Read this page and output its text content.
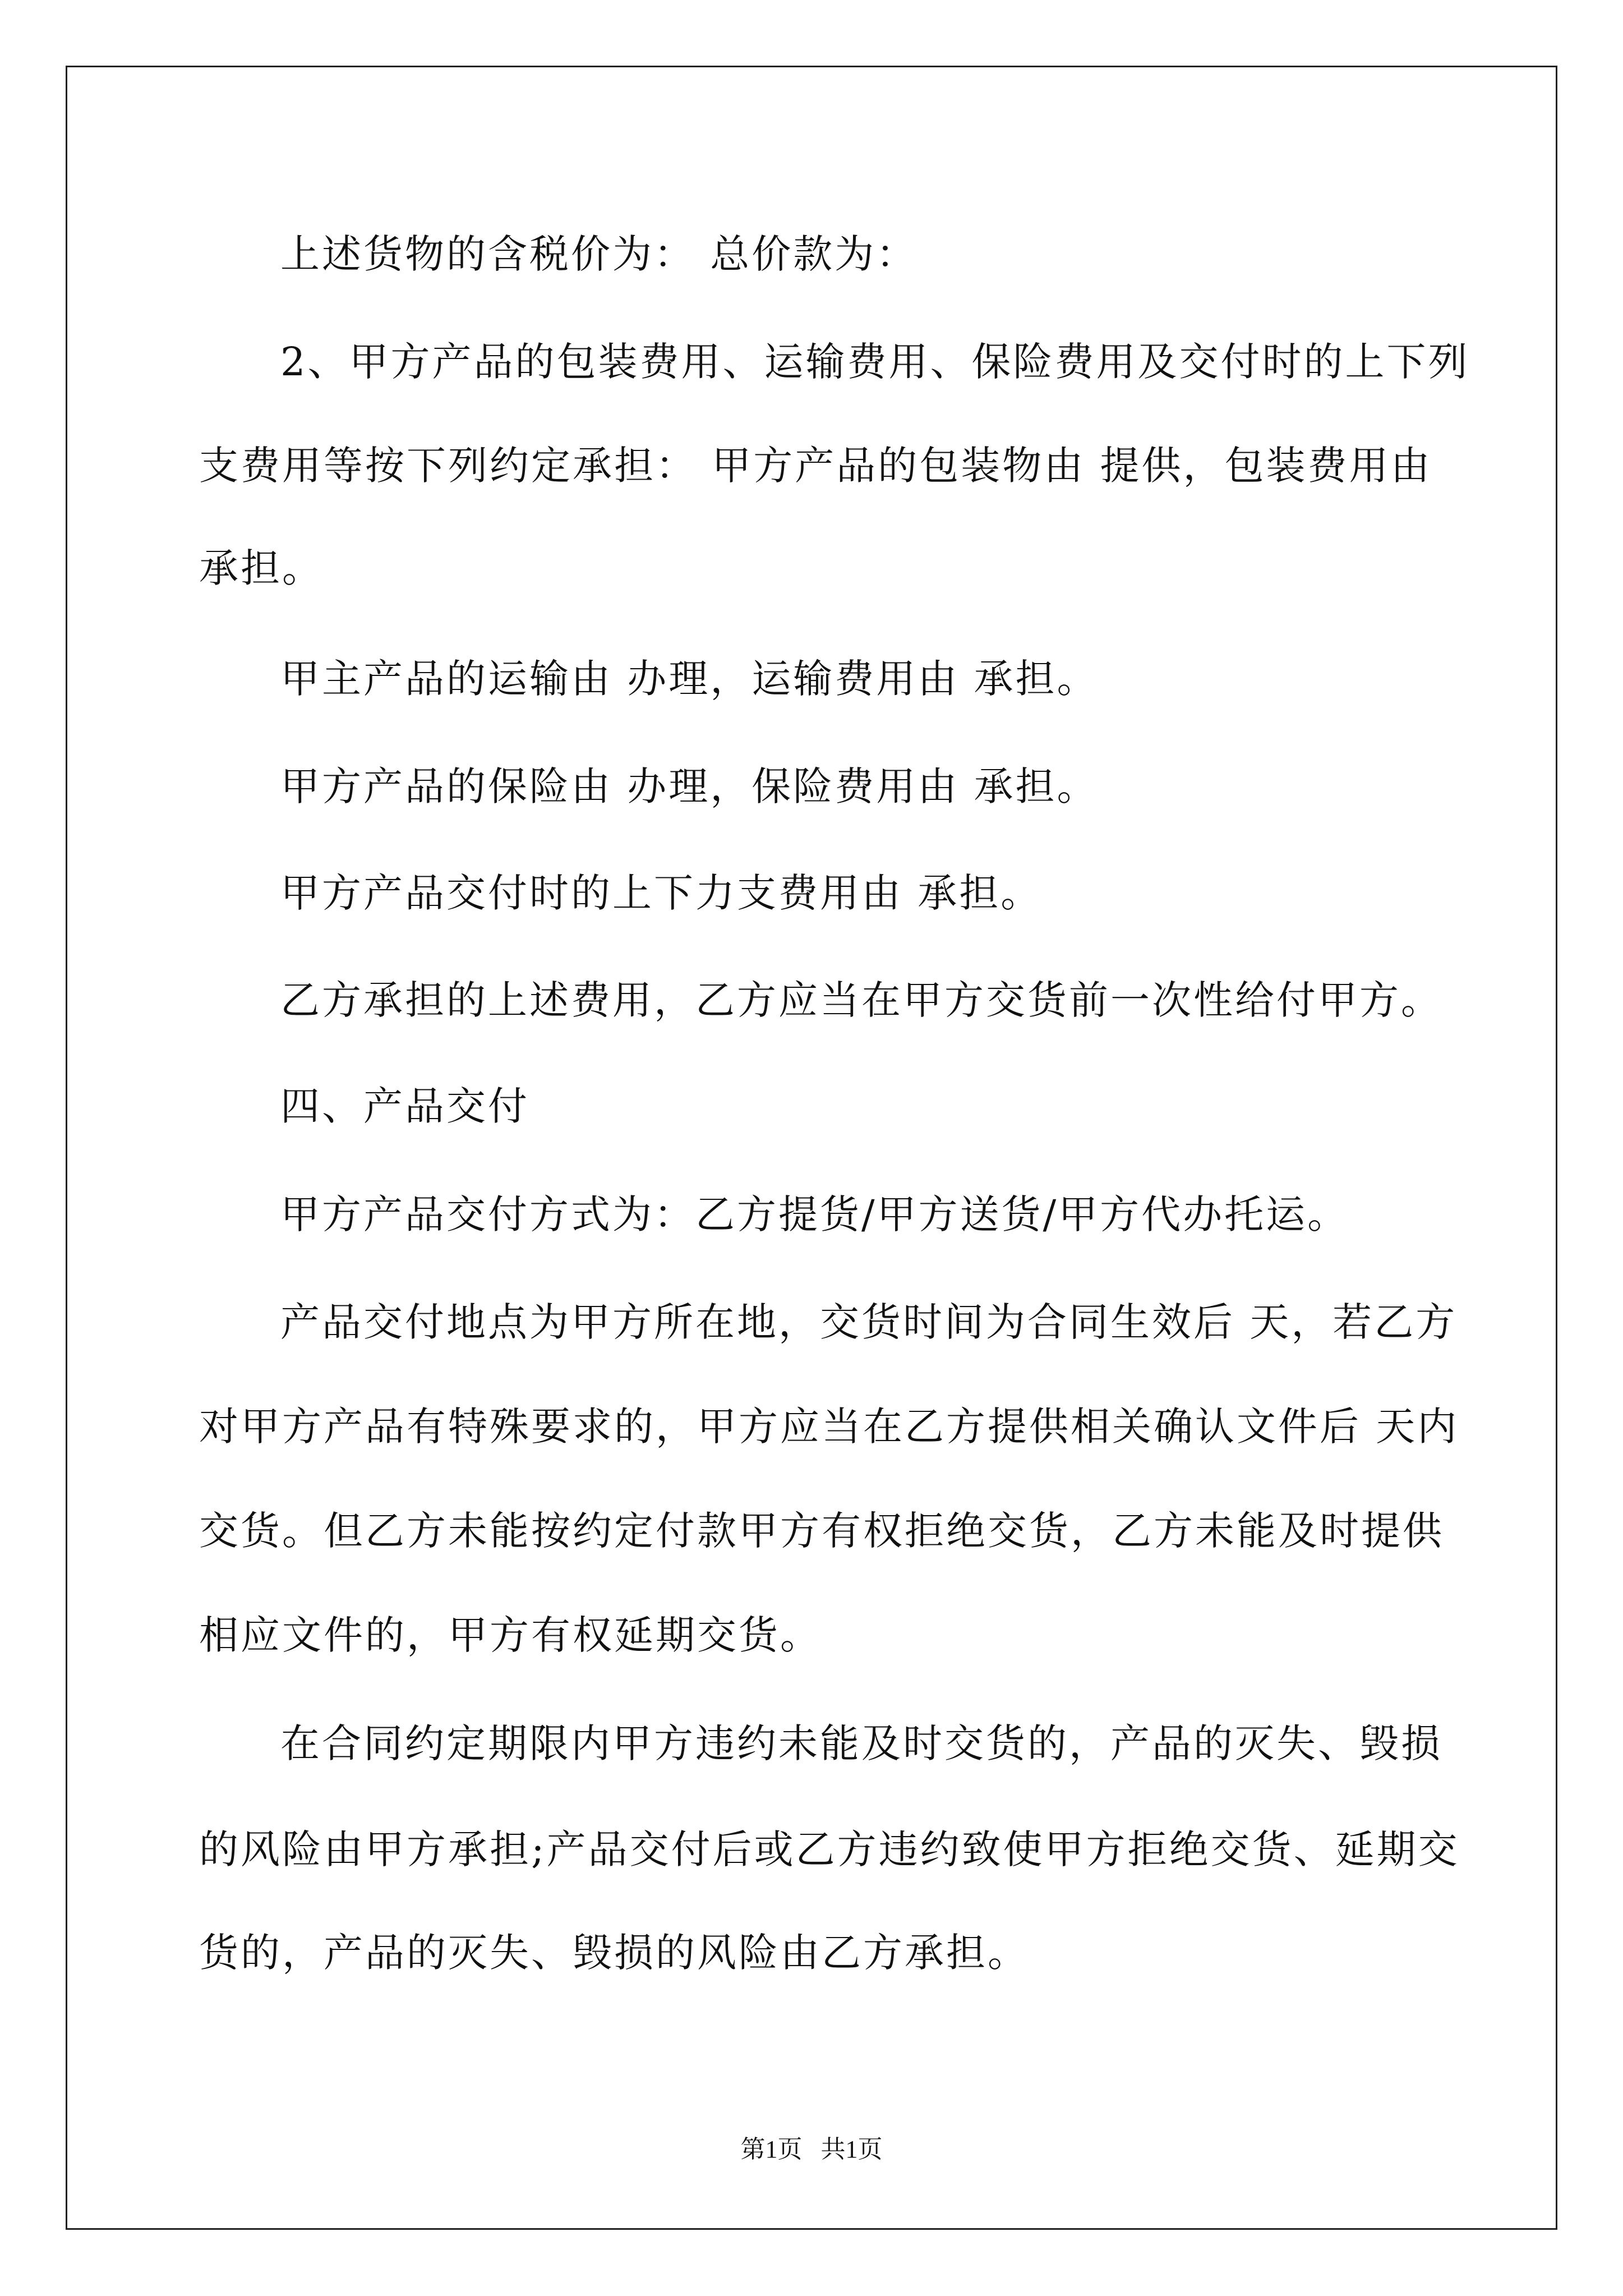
上述货物的含税价为： 总价款为：
2、甲方产品的包装费用、运输费用、保险费用及交付时的上下列
支费用等按下列约定承担： 甲方产品的包装物由 提供，包装费用由
承担。
甲主产品的运输由 办理，运输费用由 承担。
甲方产品的保险由 办理，保险费用由 承担。
甲方产品交付时的上下力支费用由 承担。
乙方承担的上述费用，乙方应当在甲方交货前一次性给付甲方。
四、产品交付
甲方产品交付方式为：乙方提货/甲方送货/甲方代办托运。
产品交付地点为甲方所在地，交货时间为合同生效后 天，若乙方
对甲方产品有特殊要求的，甲方应当在乙方提供相关确认文件后 天内
交货。但乙方未能按约定付款甲方有权拒绝交货，乙方未能及时提供
相应文件的，甲方有权延期交货。
在合同约定期限内甲方违约未能及时交货的，产品的灭失、毁损
的风险由甲方承担;产品交付后或乙方违约致使甲方拒绝交货、延期交
货的，产品的灭失、毁损的风险由乙方承担。
第1页   共1页
